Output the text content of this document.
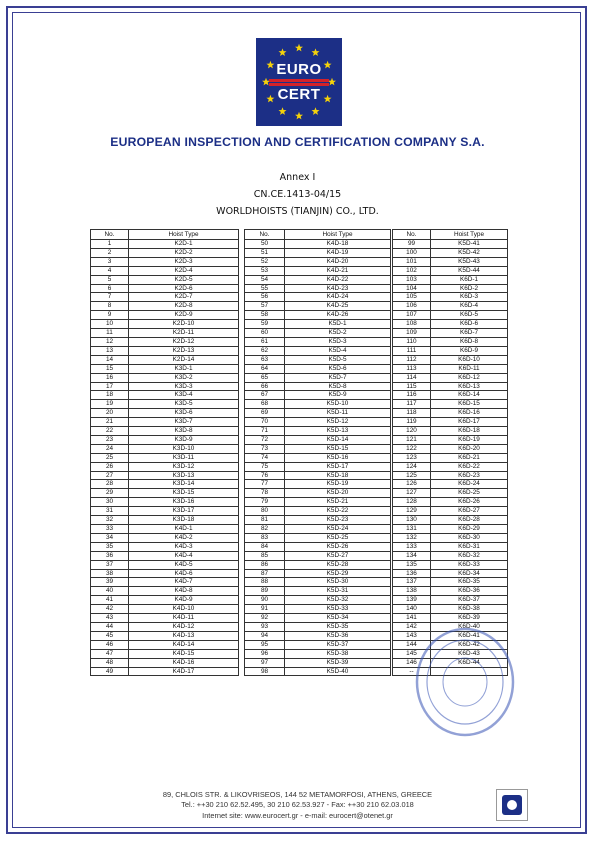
EURO
CERT
EUROPEAN INSPECTION AND CERTIFICATION COMPANY S.A.
Annex I
CN.CE.1413-04/15
WORLDHOISTS (TIANJIN) CO., LTD.
No.	Hoist Type
1	K2D-1
2	K2D-2
3	K2D-3
4	K2D-4
5	K2D-5
6	K2D-6
7	K2D-7
8	K2D-8
9	K2D-9
10	K2D-10
11	K2D-11
12	K2D-12
13	K2D-13
14	K2D-14
15	K3D-1
16	K3D-2
17	K3D-3
18	K3D-4
19	K3D-5
20	K3D-6
21	K3D-7
22	K3D-8
23	K3D-9
24	K3D-10
25	K3D-11
26	K3D-12
27	K3D-13
28	K3D-14
29	K3D-15
30	K3D-16
31	K3D-17
32	K3D-18
33	K4D-1
34	K4D-2
35	K4D-3
36	K4D-4
37	K4D-5
38	K4D-6
39	K4D-7
40	K4D-8
41	K4D-9
42	K4D-10
43	K4D-11
44	K4D-12
45	K4D-13
46	K4D-14
47	K4D-15
48	K4D-16
49	K4D-17
No.	Hoist Type
50	K4D-18
51	K4D-19
52	K4D-20
53	K4D-21
54	K4D-22
55	K4D-23
56	K4D-24
57	K4D-25
58	K4D-26
59	K5D-1
60	K5D-2
61	K5D-3
62	K5D-4
63	K5D-5
64	K5D-6
65	K5D-7
66	K5D-8
67	K5D-9
68	K5D-10
69	K5D-11
70	K5D-12
71	K5D-13
72	K5D-14
73	K5D-15
74	K5D-16
75	K5D-17
76	K5D-18
77	K5D-19
78	K5D-20
79	K5D-21
80	K5D-22
81	K5D-23
82	K5D-24
83	K5D-25
84	K5D-26
85	K5D-27
86	K5D-28
87	K5D-29
88	K5D-30
89	K5D-31
90	K5D-32
91	K5D-33
92	K5D-34
93	K5D-35
94	K5D-36
95	K5D-37
96	K5D-38
97	K5D-39
98	K5D-40
No.	Hoist Type
99	K5D-41
100	K5D-42
101	K5D-43
102	K5D-44
103	K6D-1
104	K6D-2
105	K6D-3
106	K6D-4
107	K6D-5
108	K6D-6
109	K6D-7
110	K6D-8
111	K6D-9
112	K6D-10
113	K6D-11
114	K6D-12
115	K6D-13
116	K6D-14
117	K6D-15
118	K6D-16
119	K6D-17
120	K6D-18
121	K6D-19
122	K6D-20
123	K6D-21
124	K6D-22
125	K6D-23
126	K6D-24
127	K6D-25
128	K6D-26
129	K6D-27
130	K6D-28
131	K6D-29
132	K6D-30
133	K6D-31
134	K6D-32
135	K6D-33
136	K6D-34
137	K6D-35
138	K6D-36
139	K6D-37
140	K6D-38
141	K6D-39
142	K6D-40
143	K6D-41
144	K6D-42
145	K6D-43
146	K6D-44
--	
89, CHLOIS STR. & LIKOVRISEOS, 144 52 METAMORFOSI, ATHENS, GREECE
Tel.: ++30 210 62.52.495, 30 210 62.53.927 - Fax: ++30 210 62.03.018
Internet site: www.eurocert.gr - e-mail: eurocert@otenet.gr
